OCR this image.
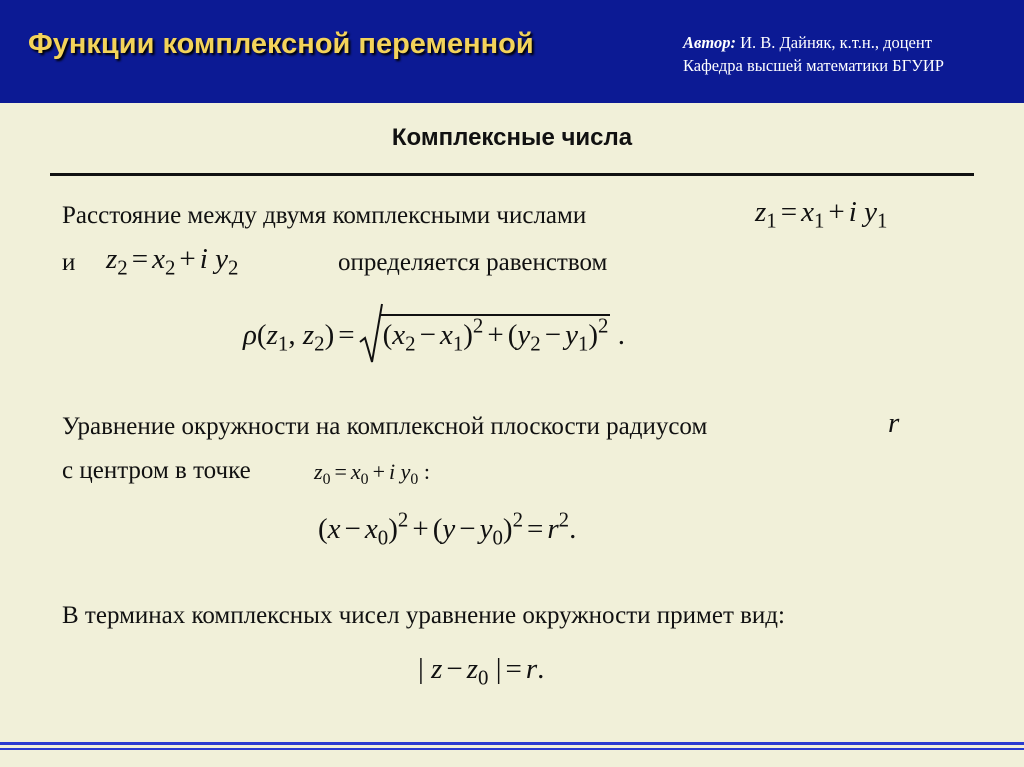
Функции комплексной переменной	Автор: И. В. Дайняк, к.т.н., доцент
Кафедра высшей математики БГУИР
Комплексные числа
Расстояние между двумя комплексными числами	$z_1 = x_1 + i$ $y_1$
и $z_2 = x_2 + i$ $y_2$	определяется равенством
$\rho(z_1$, $z_2) = (x_2 - x_1)^2 + (y_2 - y_1)^2$ .
Уравнение окружности на комплексной плоскости радиусом	r
с центром в точке	$z_0 = x_0 + i$ $y_0$ :
$(x - x_0)^2 + (y - y_0)^2 = r^2$.
В терминах комплексных чисел уравнение окружности примет вид:
| $z - z_0$ | = r.
